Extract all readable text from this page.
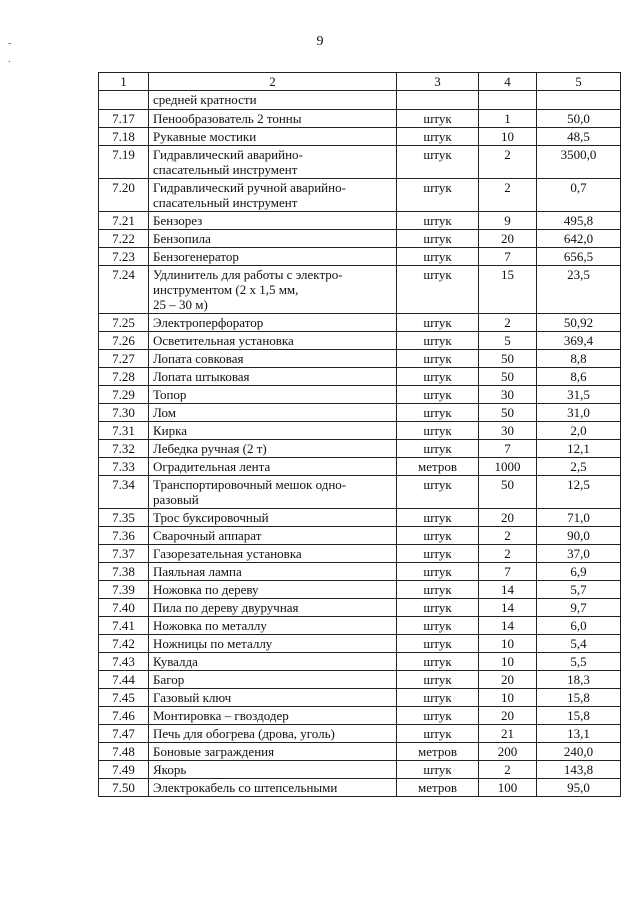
9
-
.
1	2	3	4	5
	средней кратности			
7.17	Пенообразователь 2 тонны	штук	1	50,0
7.18	Рукавные мостики	штук	10	48,5
7.19	Гидравлический аварийно-
спасательный инструмент	штук	2	3500,0
7.20	Гидравлический ручной аварийно-
спасательный инструмент	штук	2	0,7
7.21	Бензорез	штук	9	495,8
7.22	Бензопила	штук	20	642,0
7.23	Бензогенератор	штук	7	656,5
7.24	Удлинитель для работы с электро-
инструментом (2 х 1,5 мм,
25 – 30 м)	штук	15	23,5
7.25	Электроперфоратор	штук	2	50,92
7.26	Осветительная установка	штук	5	369,4
7.27	Лопата совковая	штук	50	8,8
7.28	Лопата штыковая	штук	50	8,6
7.29	Топор	штук	30	31,5
7.30	Лом	штук	50	31,0
7.31	Кирка	штук	30	2,0
7.32	Лебедка ручная (2 т)	штук	7	12,1
7.33	Оградительная лента	метров	1000	2,5
7.34	Транспортировочный мешок одно-
разовый	штук	50	12,5
7.35	Трос буксировочный	штук	20	71,0
7.36	Сварочный аппарат	штук	2	90,0
7.37	Газорезательная установка	штук	2	37,0
7.38	Паяльная лампа	штук	7	6,9
7.39	Ножовка по дереву	штук	14	5,7
7.40	Пила по дереву двуручная	штук	14	9,7
7.41	Ножовка по металлу	штук	14	6,0
7.42	Ножницы по металлу	штук	10	5,4
7.43	Кувалда	штук	10	5,5
7.44	Багор	штук	20	18,3
7.45	Газовый ключ	штук	10	15,8
7.46	Монтировка – гвоздодер	штук	20	15,8
7.47	Печь для обогрева (дрова, уголь)	штук	21	13,1
7.48	Боновые заграждения	метров	200	240,0
7.49	Якорь	штук	2	143,8
7.50	Электрокабель со штепсельными	метров	100	95,0
